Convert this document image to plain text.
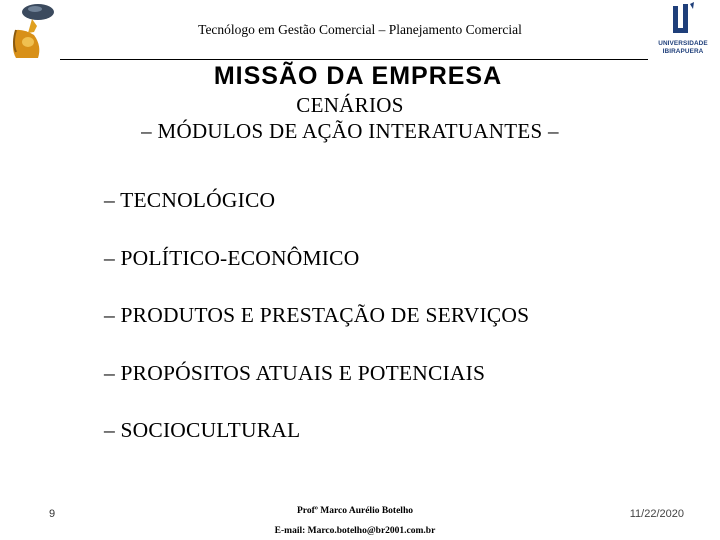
UNIVERSIDADE IBIRAPUERA
Tecnólogo em Gestão Comercial – Planejamento Comercial
MISSÃO DA EMPRESA
CENÁRIOS
– MÓDULOS DE AÇÃO INTERATUANTES –
– TECNOLÓGICO
– POLÍTICO-ECONÔMICO
– PRODUTOS E PRESTAÇÃO DE SERVIÇOS
– PROPÓSITOS ATUAIS E POTENCIAIS
– SOCIOCULTURAL
9	Profº Marco Aurélio Botelho
E-mail: Marco.botelho@br2001.com.br
11/22/2020
